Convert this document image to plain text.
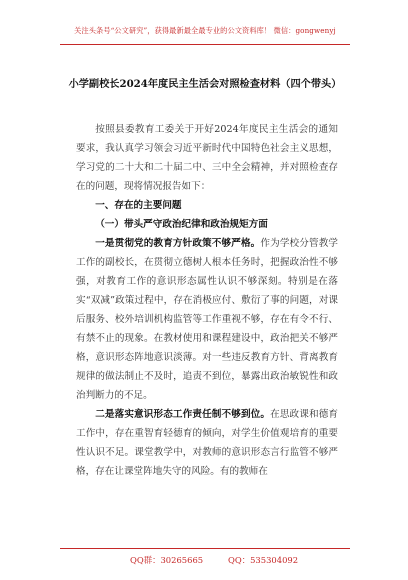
关注头条号“公文研究”，获得最新最全最专业的公文资料库！ 微信：gongwenyj
小学副校长2024年度民主生活会对照检查材料（四个带头）

按照县委教育工委关于开好2024年度民主生活会的通知要求，我认真学习领会习近平新时代中国特色社会主义思想，学习党的二十大和二十届二中、三中全会精神，并对照检查存在的问题，现将情况报告如下：

一、存在的主要问题

（一）带头严守政治纪律和政治规矩方面

一是贯彻党的教育方针政策不够严格。作为学校分管教学工作的副校长，在贯彻立德树人根本任务时，把握政治性不够强，对教育工作的意识形态属性认识不够深刻。特别是在落实“双减”政策过程中，存在消极应付、敷衍了事的问题，对课后服务、校外培训机构监管等工作重视不够，存在有令不行、有禁不止的现象。在教材使用和课程建设中，政治把关不够严格，意识形态阵地意识淡薄。对一些违反教育方针、背离教育规律的做法制止不及时，追责不到位，暴露出政治敏锐性和政治判断力的不足。

二是落实意识形态工作责任制不够到位。在思政课和德育工作中，存在重智育轻德育的倾向，对学生价值观培育的重要性认识不足。课堂教学中，对教师的意识形态言行监管不够严格，存在让课堂阵地失守的风险。有的教师在

QQ群：30265665	QQ：535304092
